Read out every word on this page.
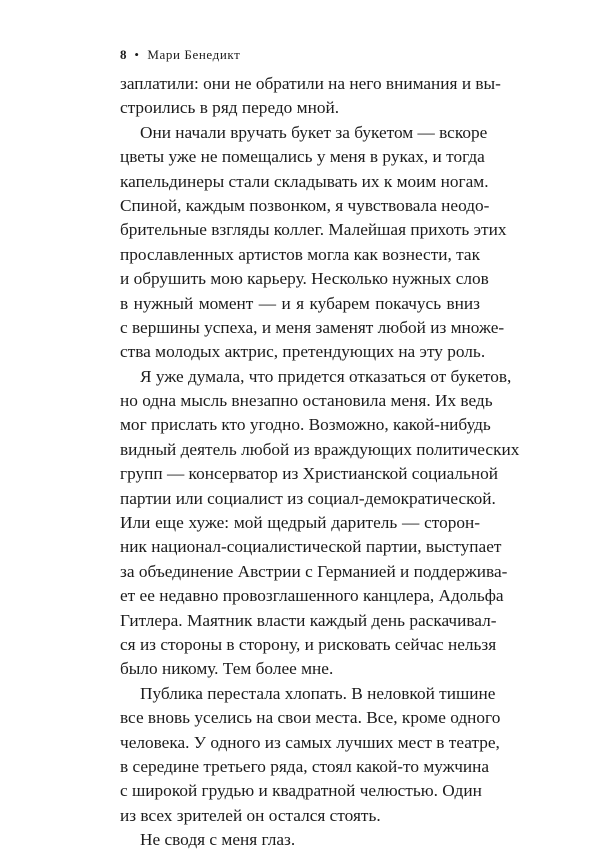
8 • Мари Бенедикт
заплатили: они не обратили на него внимания и вы-
строились в ряд передо мной.
Они начали вручать букет за букетом — вскоре
цветы уже не помещались у меня в руках, и тогда
капельдинеры стали складывать их к моим ногам.
Спиной, каждым позвонком, я чувствовала неодо-
брительные взгляды коллег. Малейшая прихоть этих
прославленных артистов могла как вознести, так
и обрушить мою карьеру. Несколько нужных слов
в нужный момент — и я кубарем покачусь вниз
с вершины успеха, и меня заменят любой из множе-
ства молодых актрис, претендующих на эту роль.
Я уже думала, что придется отказаться от букетов,
но одна мысль внезапно остановила меня. Их ведь
мог прислать кто угодно. Возможно, какой-нибудь
видный деятель любой из враждующих политических
групп — консерватор из Христианской социальной
партии или социалист из социал-демократической.
Или еще хуже: мой щедрый даритель — сторон-
ник национал-социалистической партии, выступает
за объединение Австрии с Германией и поддержива-
ет ее недавно провозглашенного канцлера, Адольфа
Гитлера. Маятник власти каждый день раскачивал-
ся из стороны в сторону, и рисковать сейчас нельзя
было никому. Тем более мне.
Публика перестала хлопать. В неловкой тишине
все вновь уселись на свои места. Все, кроме одного
человека. У одного из самых лучших мест в театре,
в середине третьего ряда, стоял какой-то мужчина
с широкой грудью и квадратной челюстью. Один
из всех зрителей он остался стоять.
Не сводя с меня глаз.
